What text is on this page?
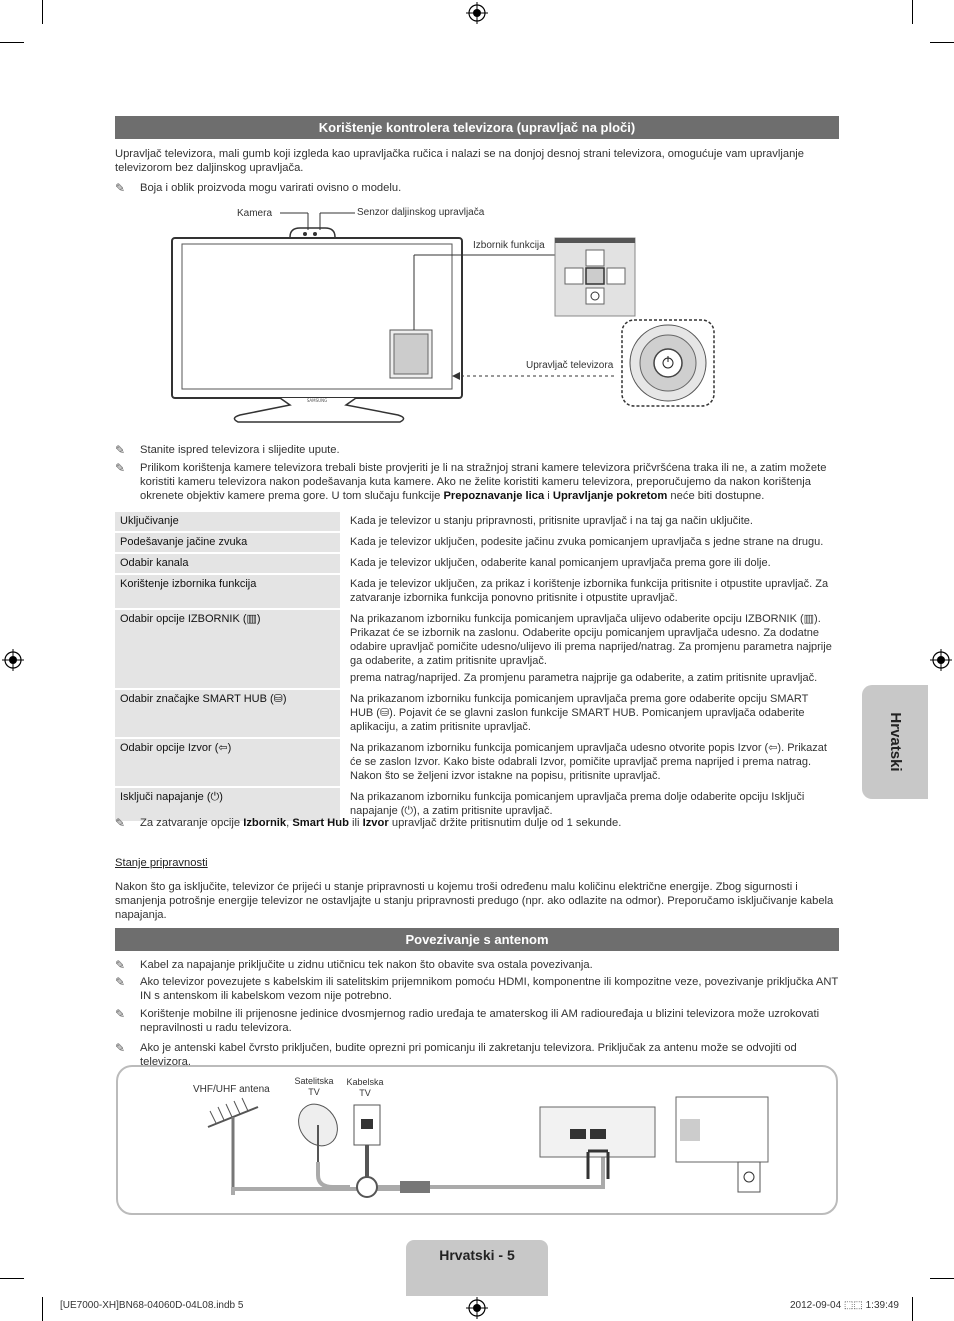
Korištenje kontrolera televizora (upravljač na ploči)
Upravljač televizora, mali gumb koji izgleda kao upravljačka ručica i nalazi se na donjoj desnoj strani televizora, omogućuje vam upravljanje televizorom bez daljinskog upravljača.
✎	Boja i oblik proizvoda mogu varirati ovisno o modelu.
SAMSUNG
Kamera	Senzor daljinskog upravljača
Izbornik funkcija
Upravljač televizora
✎	Stanite ispred televizora i slijedite upute.
✎	Prilikom korištenja kamere televizora trebali biste provjeriti je li na stražnjoj strani kamere televizora pričvršćena traka ili ne, a zatim možete koristiti kameru televizora nakon podešavanja kuta kamere. Ako ne želite koristiti kameru televizora, preporučujemo da nakon korištenja okrenete objektiv kamere prema gore. U tom slučaju funkcije Prepoznavanje lica i Upravljanje pokretom neće biti dostupne.
Uključivanje		Kada je televizor u stanju pripravnosti, pritisnite upravljač i na taj ga način uključite.

Podešavanje jačine zvuka		Kada je televizor uključen, podesite jačinu zvuka pomicanjem upravljača s jedne strane na drugu.

Odabir kanala		Kada je televizor uključen, odaberite kanal pomicanjem upravljača prema gore ili dolje.

Korištenje izbornika funkcija		Kada je televizor uključen, za prikaz i korištenje izbornika funkcija pritisnite i otpustite upravljač. Za zatvaranje izbornika funkcija ponovno pritisnite i otpustite upravljač.

Odabir opcije IZBORNIK (▥)		Na prikazanom izborniku funkcija pomicanjem upravljača ulijevo odaberite opciju IZBORNIK (▥). Prikazat će se izbornik na zaslonu. Odaberite opciju pomicanjem upravljača udesno. Za dodatne odabire upravljač pomičite udesno/ulijevo ili prema naprijed/natrag. Za promjenu parametra najprije ga odaberite, a zatim pritisnite upravljač.
prema natrag/naprijed. Za promjenu parametra najprije ga odaberite, a zatim pritisnite upravljač.

Odabir značajke SMART HUB (⛁)		Na prikazanom izborniku funkcija pomicanjem upravljača prema gore odaberite opciju SMART HUB (⛁). Pojavit će se glavni zaslon funkcije SMART HUB. Pomicanjem upravljača odaberite aplikaciju, a zatim pritisnite upravljač.

Odabir opcije Izvor (⇦)		Na prikazanom izborniku funkcija pomicanjem upravljača udesno otvorite popis Izvor (⇦). Prikazat će se zaslon Izvor. Kako biste odabrali Izvor, pomičite upravljač prema naprijed i prema natrag. Nakon što se željeni izvor istakne na popisu, pritisnite upravljač.

Isključi napajanje (⏻)		Na prikazanom izborniku funkcija pomicanjem upravljača prema dolje odaberite opciju Isključi napajanje (⏻), a zatim pritisnite upravljač.
✎	Za zatvaranje opcije Izbornik, Smart Hub ili Izvor upravljač držite pritisnutim dulje od 1 sekunde.
Stanje pripravnosti
Nakon što ga isključite, televizor će prijeći u stanje pripravnosti u kojemu troši određenu malu količinu električne energije. Zbog sigurnosti i smanjenja potrošnje energije televizor ne ostavljajte u stanju pripravnosti predugo (npr. ako odlazite na odmor). Preporučamo isključivanje kabela napajanja.
Povezivanje s antenom
✎	Kabel za napajanje priključite u zidnu utičnicu tek nakon što obavite sva ostala povezivanja.
✎	Ako televizor povezujete s kabelskim ili satelitskim prijemnikom pomoću HDMI, komponentne ili kompozitne veze, povezivanje priključka ANT IN s antenskom ili kabelskom vezom nije potrebno.
✎	Korištenje mobilne ili prijenosne jedinice dvosmjernog radio uređaja te amaterskog ili AM radiouređaja u blizini televizora može uzrokovati nepravilnosti u radu televizora.
✎	Ako je antenski kabel čvrsto priključen, budite oprezni pri pomicanju ili zakretanju televizora. Priključak za antenu može se odvojiti od televizora.
VHF/UHF antena
Satelitska
TV
Kabelska
TV
Hrvatski
Hrvatski - 5
[UE7000-XH]BN68-04060D-04L08.indb 5	2012-09-04 ⬚⬚ 1:39:49
